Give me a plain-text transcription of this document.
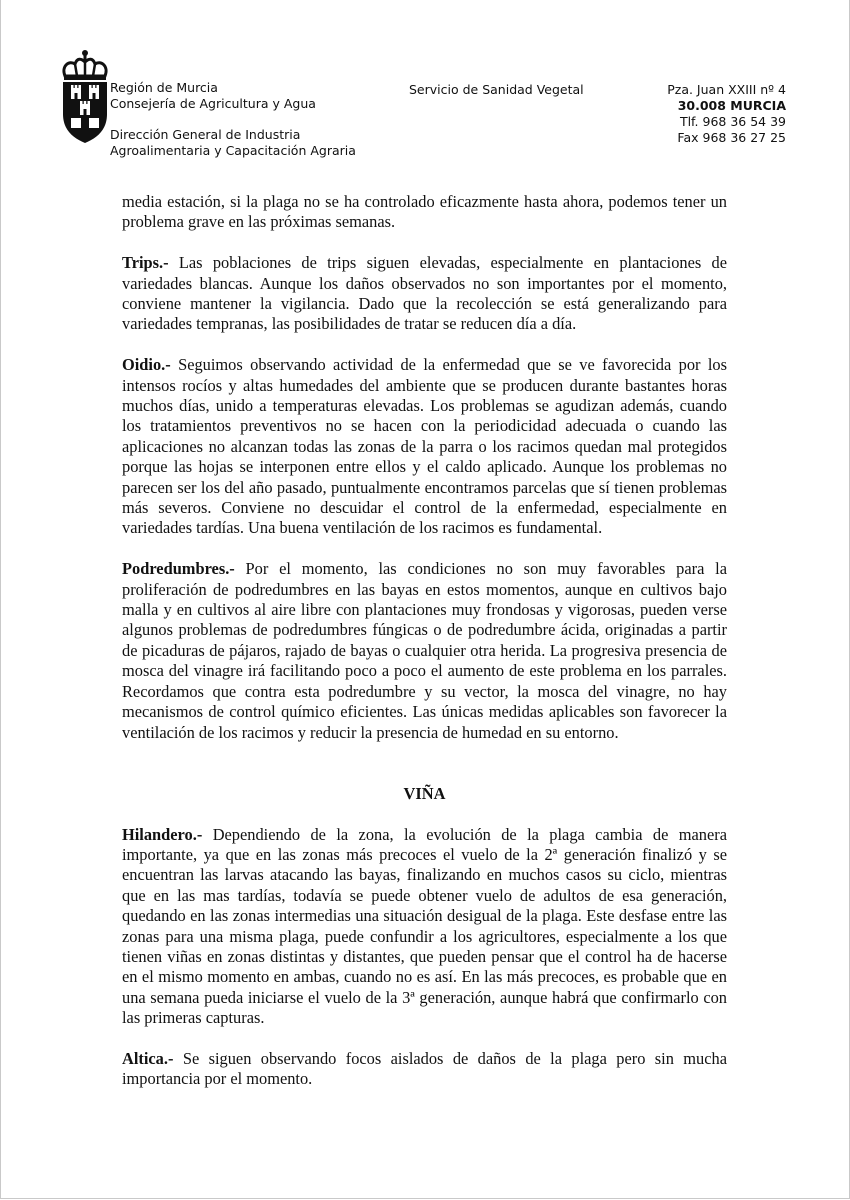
Región de Murcia
Consejería de Agricultura y Agua
Dirección General de Industria
Agroalimentaria y Capacitación Agraria
Servicio de Sanidad Vegetal	Pza. Juan XXIII nº 4
30.008 MURCIA
Tlf. 968 36 54 39
Fax 968 36 27 25

media estación, si la plaga no se ha controlado eficazmente hasta ahora, podemos tener un problema grave en las próximas semanas.

Trips.- Las poblaciones de trips siguen elevadas, especialmente en plantaciones de variedades blancas. Aunque los daños observados no son importantes por el momento, conviene mantener la vigilancia. Dado que la recolección se está generalizando para variedades tempranas, las posibilidades de tratar se reducen día a día.

Oidio.- Seguimos observando actividad de la enfermedad que se ve favorecida por los intensos rocíos y altas humedades del ambiente que se producen durante bastantes horas muchos días, unido a temperaturas elevadas. Los problemas se agudizan además, cuando los tratamientos preventivos no se hacen con la periodicidad adecuada o cuando las aplicaciones no alcanzan todas las zonas de la parra o los racimos quedan mal protegidos porque las hojas se interponen entre ellos y el caldo aplicado. Aunque los problemas no parecen ser los del año pasado, puntualmente encontramos parcelas que sí tienen problemas más severos. Conviene no descuidar el control de la enfermedad, especialmente en variedades tardías. Una buena ventilación de los racimos es fundamental.

Podredumbres.- Por el momento, las condiciones no son muy favorables para la proliferación de podredumbres en las bayas en estos momentos, aunque en cultivos bajo malla y en cultivos al aire libre con plantaciones muy frondosas y vigorosas, pueden verse algunos problemas de podredumbres fúngicas o de podredumbre ácida, originadas a partir de picaduras de pájaros, rajado de bayas o cualquier otra herida. La progresiva presencia de mosca del vinagre irá facilitando poco a poco el aumento de este problema en los parrales. Recordamos que contra esta podredumbre y su vector, la mosca del vinagre, no hay mecanismos de control químico eficientes. Las únicas medidas aplicables son favorecer la ventilación de los racimos y reducir la presencia de humedad en su entorno.

VIÑA

Hilandero.- Dependiendo de la zona, la evolución de la plaga cambia de manera importante, ya que en las zonas más precoces el vuelo de la 2ª generación finalizó y se encuentran las larvas atacando las bayas, finalizando en muchos casos su ciclo, mientras que en las mas tardías, todavía se puede obtener vuelo de adultos de esa generación, quedando en las zonas intermedias una situación desigual de la plaga. Este desfase entre las zonas para una misma plaga, puede confundir a los agricultores, especialmente a los que tienen viñas en zonas distintas y distantes, que pueden pensar que el control ha de hacerse en el mismo momento en ambas, cuando no es así. En las más precoces, es probable que en una semana pueda iniciarse el vuelo de la 3ª generación, aunque habrá que confirmarlo con las primeras capturas.

Altica.- Se siguen observando focos aislados de daños de la plaga pero sin mucha importancia por el momento.
